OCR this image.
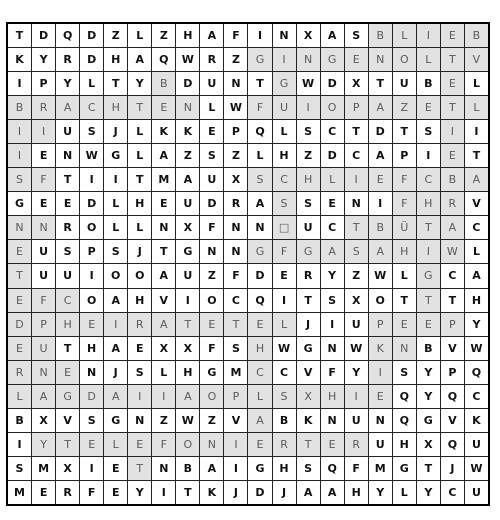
T	D	Q	D	Z	L	Z	H	A	F	I	N	X	A	S	B	L	I	E	B
K	Y	R	D	H	A	Q	W	R	Z	G	I	N	G	E	N	O	L	T	V
I	P	Y	L	T	Y	B	D	U	N	T	G	W	D	X	T	U	B	E	L
B	R	A	C	H	T	E	N	L	W	F	U	I	O	P	A	Z	E	T	L
I	I	U	S	J	L	K	K	E	P	Q	L	S	C	T	D	T	S	I	I
I	E	N	W	G	L	A	Z	S	Z	L	H	Z	D	C	A	P	I	E	T
S	F	T	I	I	T	M	A	U	X	S	C	H	L	I	E	F	C	B	A
G	E	E	D	L	H	E	U	D	R	A	S	S	E	N	I	F	H	R	V
N	N	R	O	L	L	N	X	F	N	N	□	U	C	T	B	Ü	T	A	C
E	U	S	P	S	J	T	G	N	N	G	F	G	A	S	A	H	I	W	L
T	U	U	I	O	O	A	U	Z	F	D	E	R	Y	Z	W	L	G	C	A
E	F	C	O	A	H	V	I	O	C	Q	I	T	S	X	O	T	T	T	H
D	P	H	E	I	R	A	T	E	T	E	L	J	I	U	P	E	E	P	Y
E	U	T	H	A	E	X	X	F	S	H	W	G	N	W	K	N	B	V	W
R	N	E	N	J	S	L	H	G	M	C	C	V	F	Y	I	S	Y	P	Q
L	A	G	D	A	I	I	A	O	P	L	S	X	H	I	E	Q	Y	Q	C
B	X	V	S	G	N	Z	W	Z	V	A	B	K	N	U	N	Q	G	V	K
I	Y	T	E	L	E	F	O	N	I	E	R	T	E	R	U	H	X	Q	U
S	M	X	I	E	T	N	B	A	I	G	H	S	Q	F	M	G	T	J	W
M	E	R	F	E	Y	I	T	K	J	D	J	A	A	H	Y	L	Y	C	U
